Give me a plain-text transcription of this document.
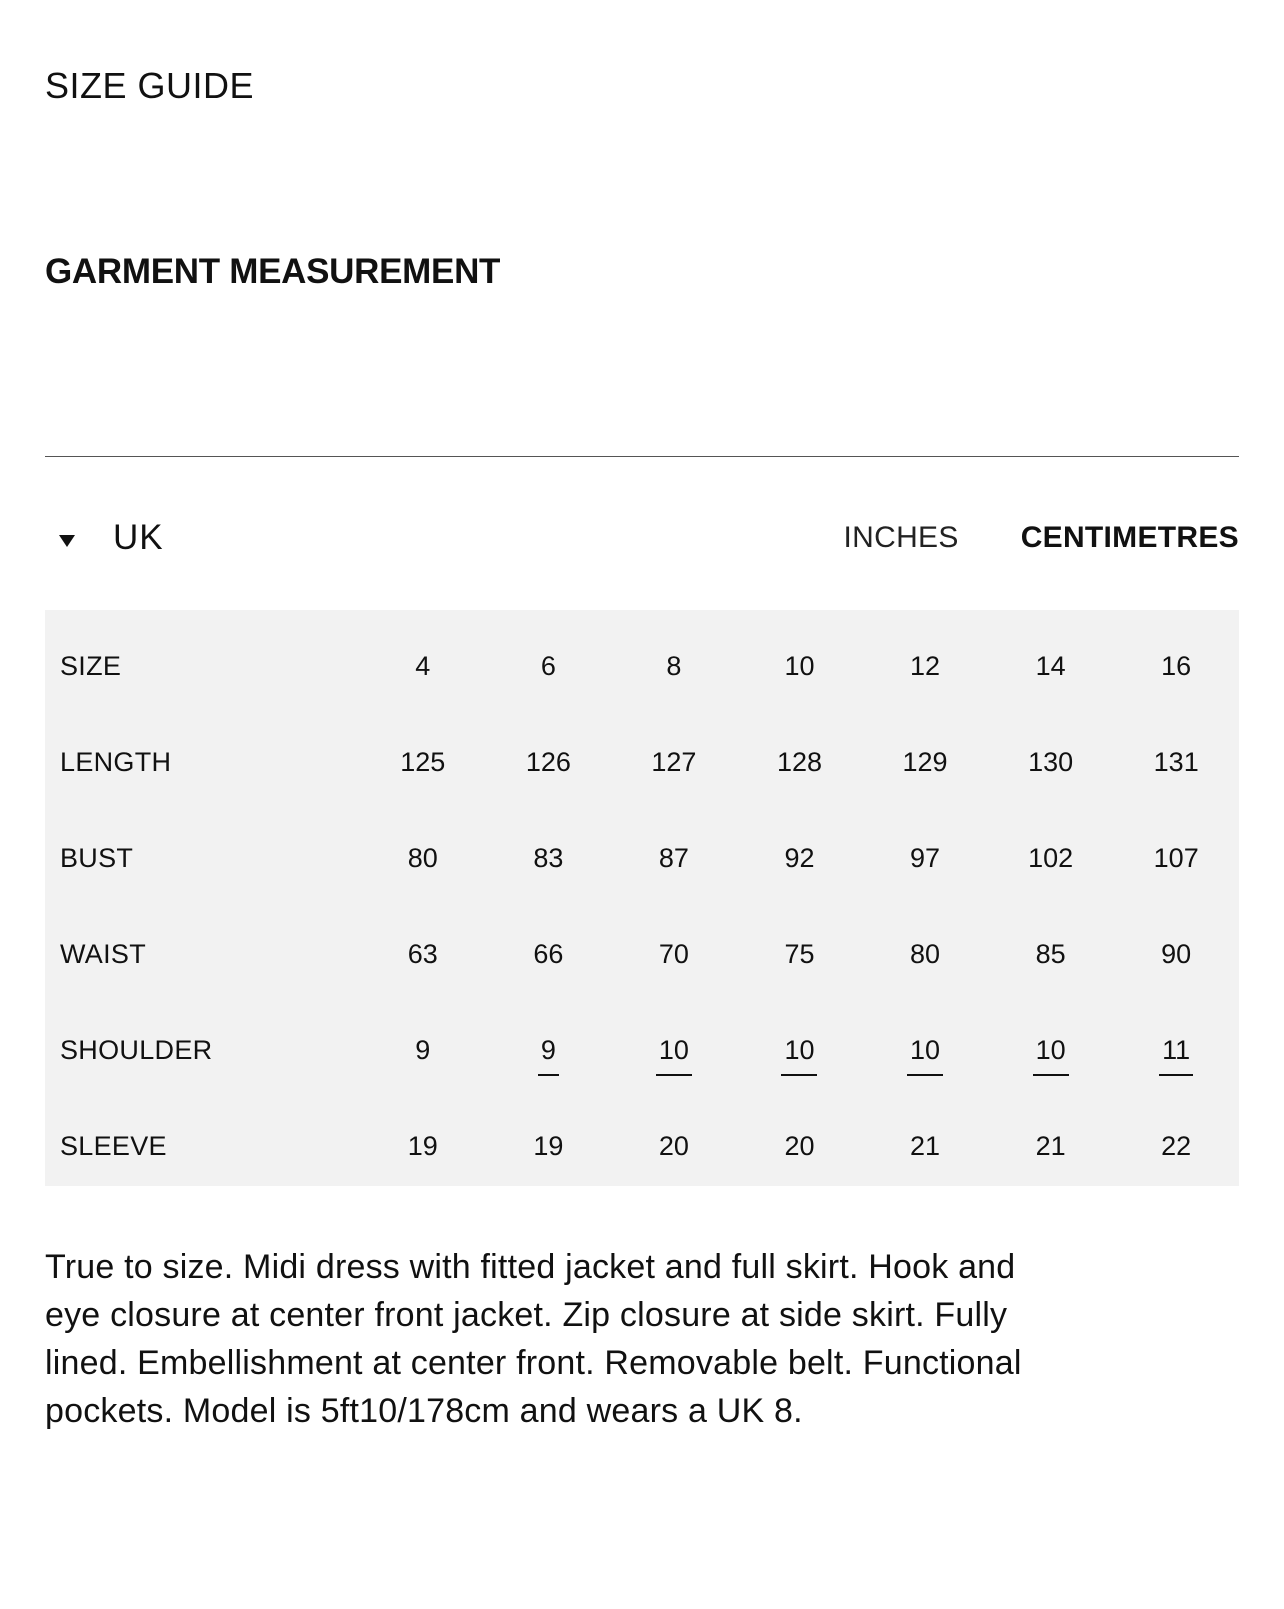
SIZE GUIDE
GARMENT MEASUREMENT
UK	INCHES CENTIMETRES
SIZE	4	6	8	10	12	14	16
LENGTH	125	126	127	128	129	130	131
BUST	80	83	87	92	97	102	107
WAIST	63	66	70	75	80	85	90
SHOULDER	9	9	10	10	10	10	11
SLEEVE	19	19	20	20	21	21	22
True to size. Midi dress with fitted jacket and full skirt. Hook and eye closure at center front jacket. Zip closure at side skirt. Fully lined. Embellishment at center front. Removable belt. Functional pockets. Model is 5ft10/178cm and wears a UK 8.
